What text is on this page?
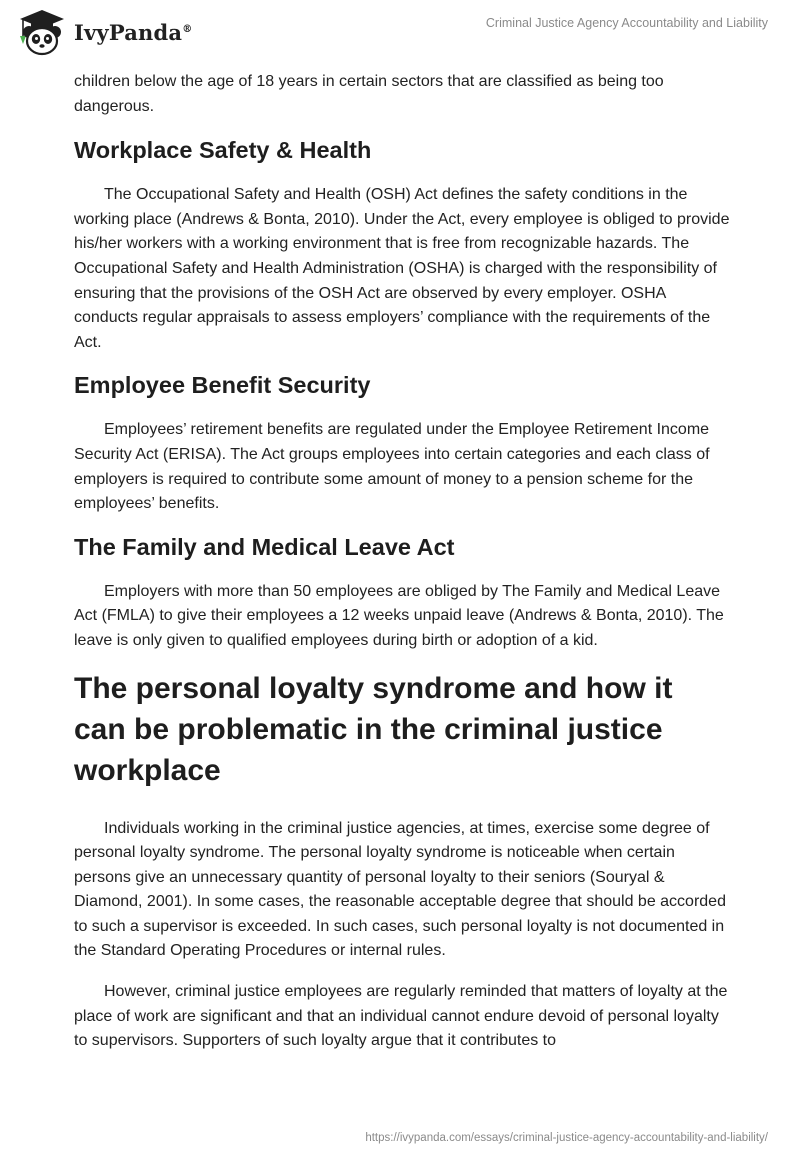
IvyPanda®	Criminal Justice Agency Accountability and Liability

children below the age of 18 years in certain sectors that are classified as being too dangerous.

Workplace Safety & Health

The Occupational Safety and Health (OSH) Act defines the safety conditions in the working place (Andrews & Bonta, 2010). Under the Act, every employee is obliged to provide his/her workers with a working environment that is free from recognizable hazards. The Occupational Safety and Health Administration (OSHA) is charged with the responsibility of ensuring that the provisions of the OSH Act are observed by every employer. OSHA conducts regular appraisals to assess employers’ compliance with the requirements of the Act.

Employee Benefit Security

Employees’ retirement benefits are regulated under the Employee Retirement Income Security Act (ERISA). The Act groups employees into certain categories and each class of employers is required to contribute some amount of money to a pension scheme for the employees’ benefits.

The Family and Medical Leave Act

Employers with more than 50 employees are obliged by The Family and Medical Leave Act (FMLA) to give their employees a 12 weeks unpaid leave (Andrews & Bonta, 2010). The leave is only given to qualified employees during birth or adoption of a kid.

The personal loyalty syndrome and how it can be problematic in the criminal justice workplace

Individuals working in the criminal justice agencies, at times, exercise some degree of personal loyalty syndrome. The personal loyalty syndrome is noticeable when certain persons give an unnecessary quantity of personal loyalty to their seniors (Souryal & Diamond, 2001). In some cases, the reasonable acceptable degree that should be accorded to such a supervisor is exceeded. In such cases, such personal loyalty is not documented in the Standard Operating Procedures or internal rules.

However, criminal justice employees are regularly reminded that matters of loyalty at the place of work are significant and that an individual cannot endure devoid of personal loyalty to supervisors. Supporters of such loyalty argue that it contributes to

https://ivypanda.com/essays/criminal-justice-agency-accountability-and-liability/
